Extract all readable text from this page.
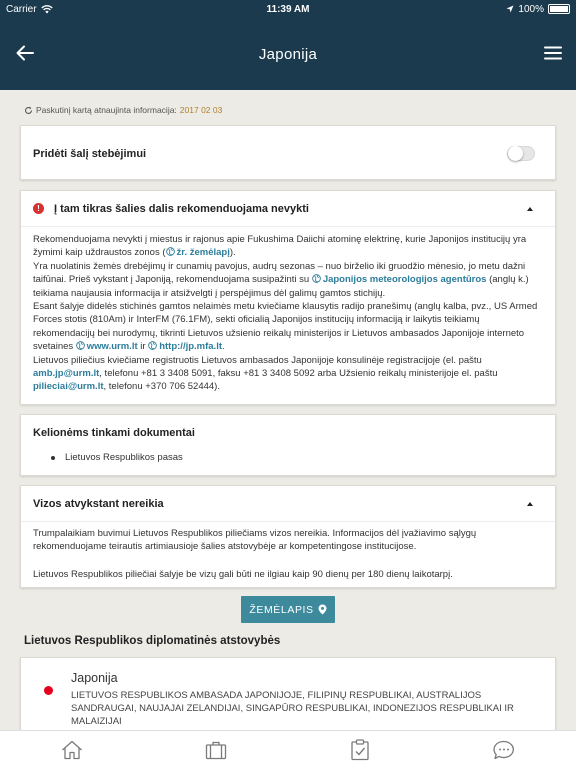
Carrier	11:39 AM	100%
Japonija
Paskutinį kartą atnaujinta informacija: 2017 02 03
Pridėti šalį stebėjimui
!	Į tam tikras šalies dalis rekomenduojama nevykti

Rekomenduojama nevykti į miestus ir rajonus apie Fukushima Daiichi atominę elektrinę, kurie Japonijos institucijų yra žymimi kaip uždraustos zonos ( žr. žemėlapį).

Yra nuolatinis žemės drebėjimų ir cunamių pavojus, audrų sezonas – nuo birželio iki gruodžio mėnesio, jo metu dažni taifūnai. Prieš vykstant į Japoniją, rekomenduojama susipažinti su Japonijos meteorologijos agentūros (anglų k.) teikiama naujausia informacija ir atsižvelgti į perspėjimus dėl galimų gamtos stichijų.

Esant šalyje didelės stichinės gamtos nelaimės metu kviečiame klausytis radijo pranešimų (anglų kalba, pvz., US Armed Forces stotis (810Am) ir InterFM (76.1FM), sekti oficialią Japonijos institucijų informaciją ir laikytis teikiamų rekomendacijų bei nurodymų, tikrinti Lietuvos užsienio reikalų ministerijos ir Lietuvos ambasados Japonijoje interneto svetaines www.urm.lt ir http://jp.mfa.lt.

Lietuvos piliečius kviečiame registruotis Lietuvos ambasados Japonijoje konsulinėje registracijoje (el. paštu amb.jp@urm.lt, telefonu +81 3 3408 5091, faksu +81 3 3408 5092 arba Užsienio reikalų ministerijoje el. paštu pilieciai@urm.lt, telefonu +370 706 52444).

Kelionėms tinkami dokumentai
Lietuvos Respublikos pasas
Vizos atvykstant nereikia

Trumpalaikiam buvimui Lietuvos Respublikos piliečiams vizos nereikia. Informacijos dėl įvažiavimo sąlygų rekomenduojame teirautis artimiausioje šalies atstovybėje ar kompetentingose institucijose.

Lietuvos Respublikos piliečiai šalyje be vizų gali būti ne ilgiau kaip 90 dienų per 180 dienų laikotarpį.

ŽEMĖLAPIS
Lietuvos Respublikos diplomatinės atstovybės
Japonija
LIETUVOS RESPUBLIKOS AMBASADA JAPONIJOJE, FILIPINŲ RESPUBLIKAI, AUSTRALIJOS SANDRAUGAI, NAUJAJAI ZELANDIJAI, SINGAPŪRO RESPUBLIKAI, INDONEZIJOS RESPUBLIKAI IR MALAIZIJAI
